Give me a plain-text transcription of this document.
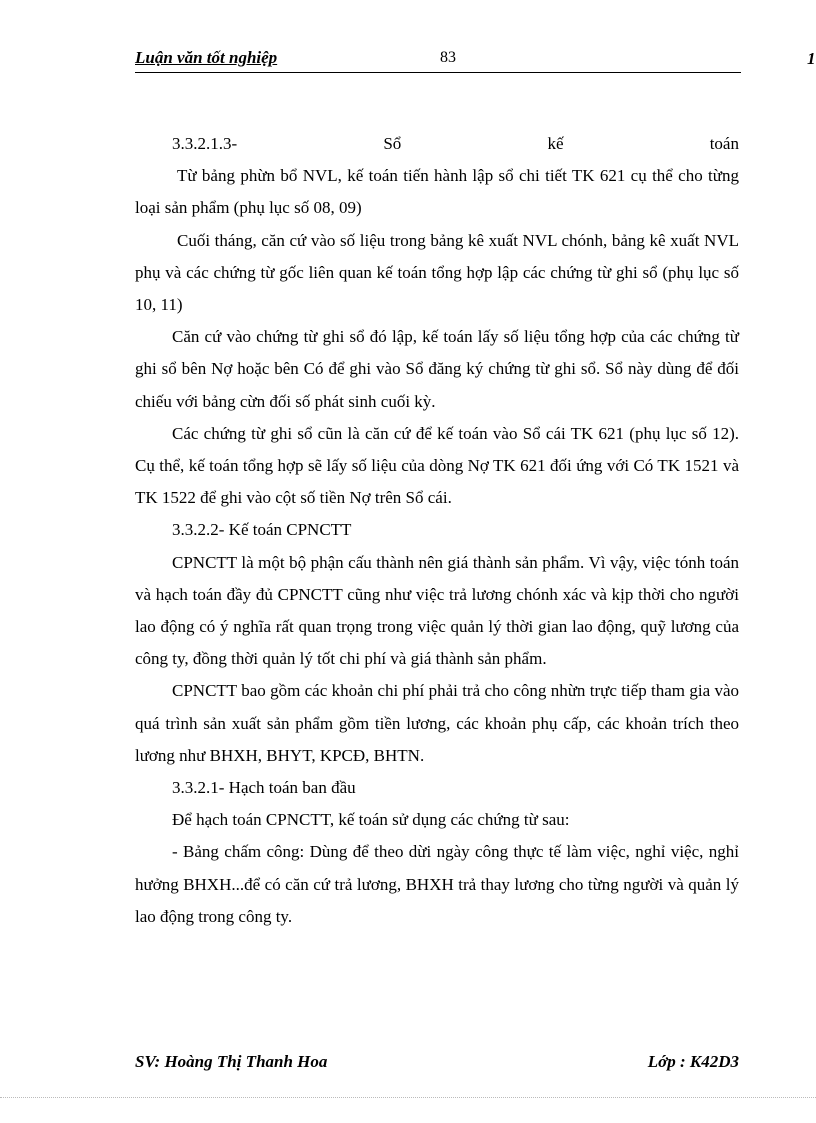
Luận văn tốt nghiệp	83	1

3.3.2.1.3-	Sổ	kế	toán

Từ bảng phừn bổ NVL, kế toán tiến hành lập sổ chi tiết TK 621 cụ thể cho từng loại sản phẩm (phụ lục số 08, 09)

Cuối tháng, căn cứ vào số liệu trong bảng kê xuất NVL chónh, bảng kê xuất NVL phụ và các chứng từ gốc liên quan kế toán tổng hợp lập các chứng từ ghi sổ (phụ lục số 10, 11)

Căn cứ vào chứng từ ghi sổ đó lập, kế toán lấy số liệu tổng hợp của các chứng từ ghi sổ bên Nợ hoặc bên Có để ghi vào Sổ đăng ký chứng từ ghi sổ. Sổ này dùng để đối chiếu với bảng cừn đối số phát sinh cuối kỳ.

Các chứng từ ghi sổ cũn là căn cứ để kế toán vào Sổ cái TK 621 (phụ lục số 12). Cụ thể, kế toán tổng hợp sẽ lấy số liệu của dòng Nợ TK 621 đối ứng với Có TK 1521 và TK 1522 để ghi vào cột số tiền Nợ trên Sổ cái.

3.3.2.2- Kế toán CPNCTT

CPNCTT là một bộ phận cấu thành nên giá thành sản phẩm. Vì vậy, việc tónh toán và hạch toán đầy đủ CPNCTT cũng như việc trả lương chónh xác và kịp thời cho người lao động có ý nghĩa rất quan trọng trong việc quản lý thời gian lao động, quỹ lương của công ty, đồng thời quản lý tốt chi phí và giá thành sản phẩm.

CPNCTT bao gồm các khoản chi phí phải trả cho công nhừn trực tiếp tham gia vào quá trình sản xuất sản phẩm gồm tiền lương, các khoản phụ cấp, các khoản trích theo lương như BHXH, BHYT, KPCĐ, BHTN.

3.3.2.1- Hạch toán ban đầu

Để hạch toán CPNCTT, kế toán sử dụng các chứng từ sau:

- Bảng chấm công: Dùng để theo dừi ngày công thực tế làm việc, nghỉ việc, nghỉ hưởng BHXH...để có căn cứ trả lương, BHXH trả thay lương cho từng người và quản lý lao động trong công ty.

SV: Hoàng Thị Thanh Hoa	Lớp : K42D3
